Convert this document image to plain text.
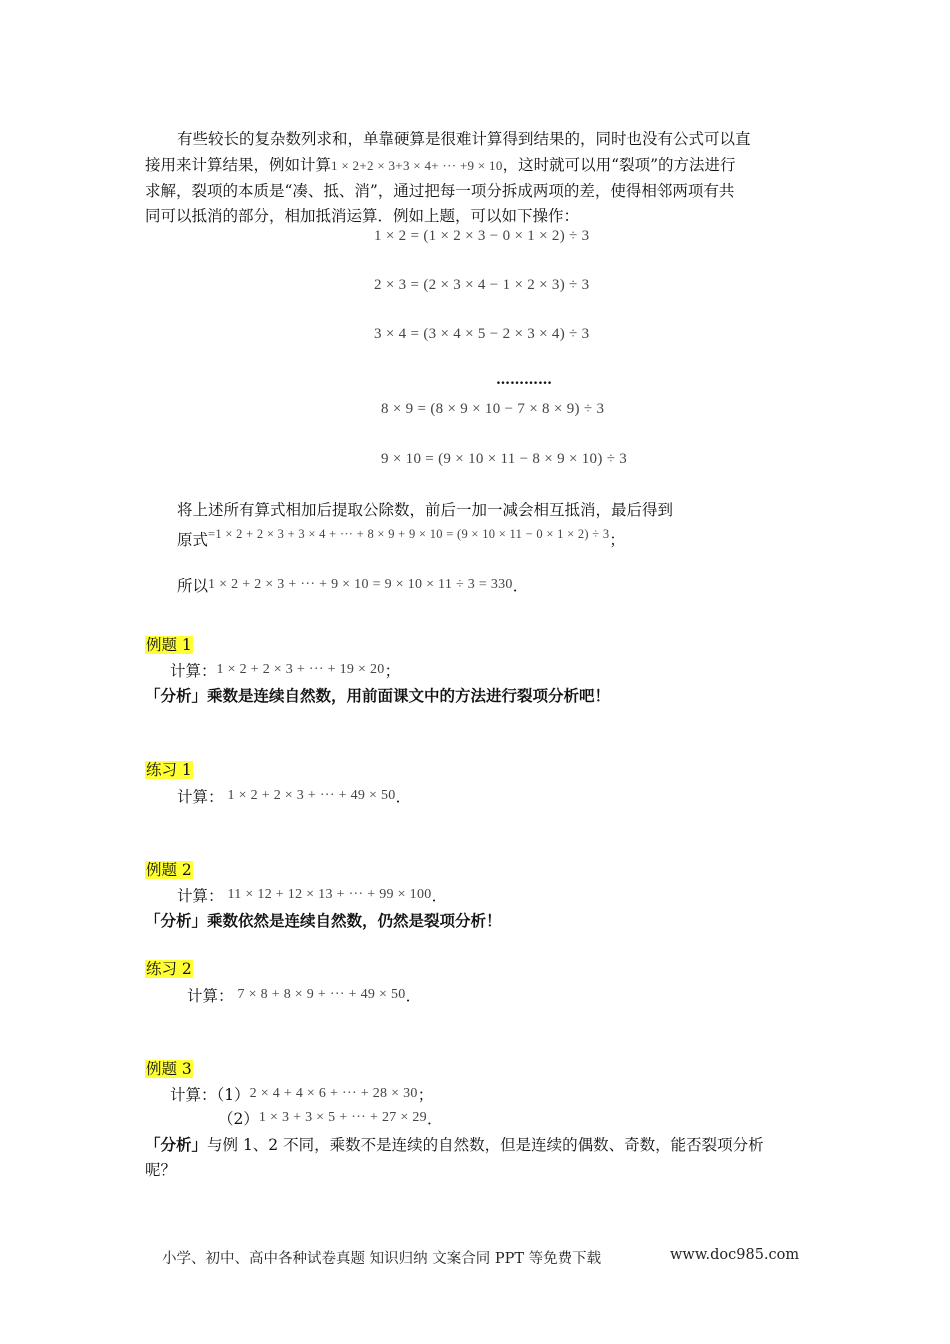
有些较长的复杂数列求和，单靠硬算是很难计算得到结果的，同时也没有公式可以直
接用来计算结果，例如计算1 × 2+2 × 3+3 × 4+ ··· +9 × 10，这时就可以用“裂项”的方法进行
求解，裂项的本质是“凑、抵、消”，通过把每一项分拆成两项的差，使得相邻两项有共
同可以抵消的部分，相加抵消运算．例如上题，可以如下操作：
1 × 2 = (1 × 2 × 3 − 0 × 1 × 2) ÷ 3
2 × 3 = (2 × 3 × 4 − 1 × 2 × 3) ÷ 3
3 × 4 = (3 × 4 × 5 − 2 × 3 × 4) ÷ 3
…………
8 × 9 = (8 × 9 × 10 − 7 × 8 × 9) ÷ 3
9 × 10 = (9 × 10 × 11 − 8 × 9 × 10) ÷ 3
将上述所有算式相加后提取公除数，前后一加一减会相互抵消，最后得到
原式$^{=1 \times 2 + 2 \times 3 + 3 \times 4 + \cdot\cdot\cdot + 8 \times 9 + 9 \times 10 = (9 \times 10 \times 11 - 0 \times 1 \times 2) \div 3}$；
所以1 × 2 + 2 × 3 + ··· + 9 × 10 = 9 × 10 × 11 ÷ 3 = 330．
例题 1
计算：1 × 2 + 2 × 3 + ··· + 19 × 20；
「分析」乘数是连续自然数，用前面课文中的方法进行裂项分析吧！
练习 1
计算： 1 × 2 + 2 × 3 + ··· + 49 × 50．
例题 2
计算： 11 × 12 + 12 × 13 + ··· + 99 × 100．
「分析」乘数依然是连续自然数，仍然是裂项分析！
练习 2
计算： 7 × 8 + 8 × 9 + ··· + 49 × 50．
例题 3
计算：（1）2 × 4 + 4 × 6 + ··· + 28 × 30；
（2）1 × 3 + 3 × 5 + ··· + 27 × 29．
「分析」与例 1、2 不同，乘数不是连续的自然数，但是连续的偶数、奇数，能否裂项分析
呢？
小学、初中、高中各种试卷真题 知识归纳 文案合同 PPT 等免费下载	www.doc985.com
